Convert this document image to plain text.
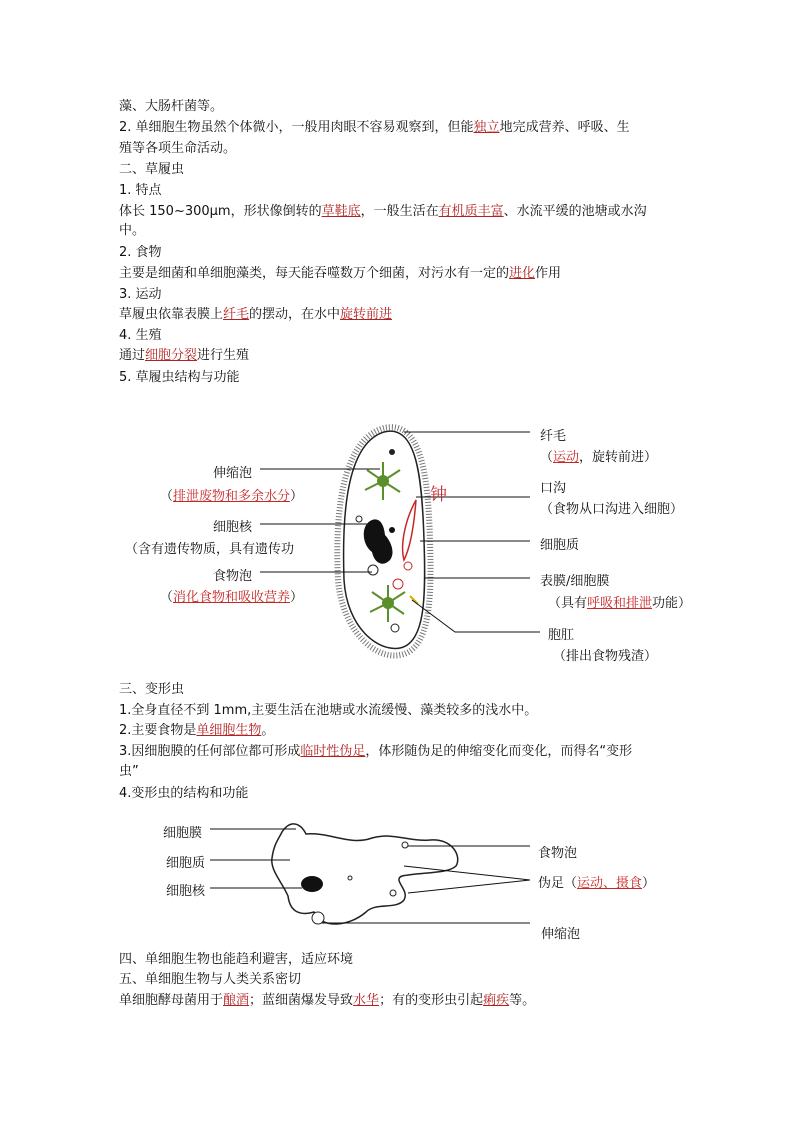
藻、大肠杆菌等。
2. 单细胞生物虽然个体微小，一般用肉眼不容易观察到，但能独立地完成营养、呼吸、生
殖等各项生命活动。
二、草履虫
1. 特点
体长 150~300μm，形状像倒转的草鞋底，一般生活在有机质丰富、水流平缓的池塘或水沟
中。
2. 食物
主要是细菌和单细胞藻类，每天能吞噬数万个细菌，对污水有一定的进化作用
3. 运动
草履虫依靠表膜上纤毛的摆动，在水中旋转前进
4. 生殖
通过细胞分裂进行生殖
5. 草履虫结构与功能
纤毛
（运动，旋转前进）
伸缩泡
（排泄废物和多余水分）	钟	口沟
（食物从口沟进入细胞）
细胞核
（含有遗传物质，具有遗传功	细胞质
食物泡
（消化食物和吸收营养）
表膜/细胞膜
（具有呼吸和排泄功能）
胞肛
（排出食物残渣）
三、变形虫
1.全身直径不到 1mm,主要生活在池塘或水流缓慢、藻类较多的浅水中。
2.主要食物是单细胞生物。
3.因细胞膜的任何部位都可形成临时性伪足，体形随伪足的伸缩变化而变化，而得名“变形
虫”
4.变形虫的结构和功能
细胞膜
细胞质
细胞核
食物泡
伪足（运动、摄食）
伸缩泡
四、单细胞生物也能趋利避害，适应环境
五、单细胞生物与人类关系密切
单细胞酵母菌用于酿酒；蓝细菌爆发导致水华；有的变形虫引起痢疾等。
